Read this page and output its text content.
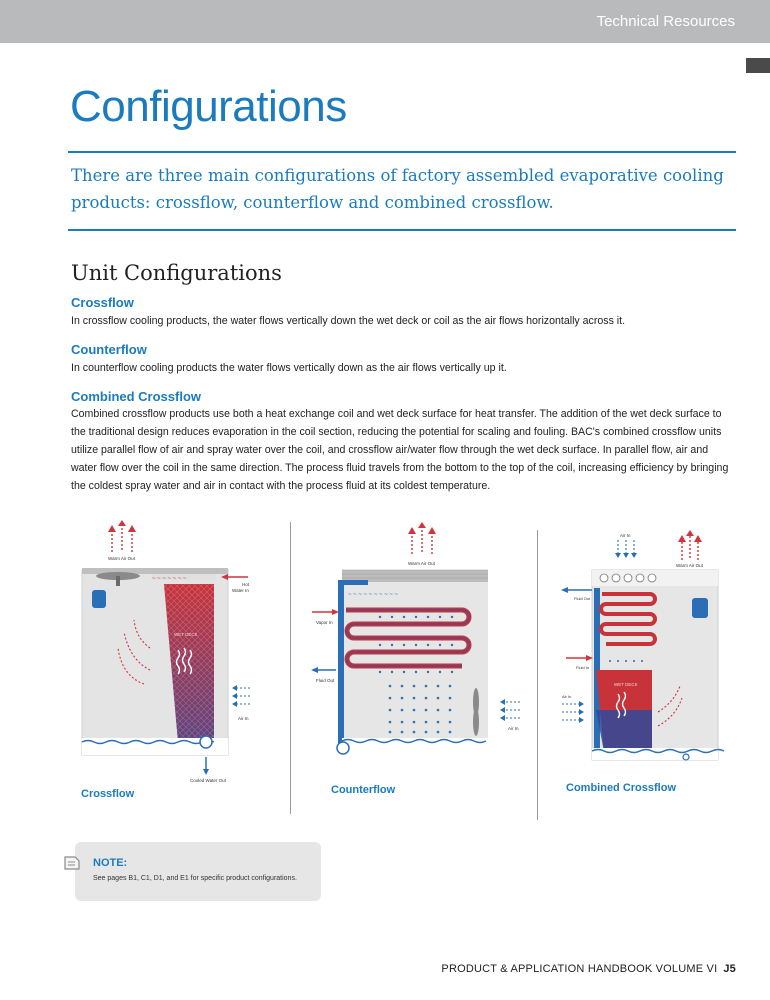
Technical Resources
Configurations
There are three main configurations of factory assembled evaporative cooling products: crossflow, counterflow and combined crossflow.
Unit Configurations
Crossflow
In crossflow cooling products, the water flows vertically down the wet deck or coil as the air flows horizontally across it.
Counterflow
In counterflow cooling products the water flows vertically down as the air flows vertically up it.
Combined Crossflow
Combined crossflow products use both a heat exchange coil and wet deck surface for heat transfer. The addition of the wet deck surface to the traditional design reduces evaporation in the coil section, reducing the potential for scaling and fouling. BAC's combined crossflow units utilize parallel flow of air and spray water over the coil, and crossflow air/water flow through the wet deck surface. In parallel flow, air and water flow over the coil in the same direction. The process fluid travels from the bottom to the top of the coil, increasing efficiency by bringing the coldest spray water and air in contact with the process fluid at its coldest temperature.
Warm Air Out
~ ~ ~ ~ ~ ~ ~
WET DECK
Hot
Water In
Air In
Cooled Water Out
Crossflow
Warm Air Out
~ ~ ~ ~ ~ ~ ~ ~ ~ ~
Vapor In
Fluid Out
Air In
Counterflow
Air In
Warm Air Out
Fluid Out
Fluid In
WET DECK
Air In
Combined Crossflow
NOTE:
See pages B1, C1, D1, and E1 for specific product configurations.
PRODUCT & APPLICATION HANDBOOK VOLUME VI J5
